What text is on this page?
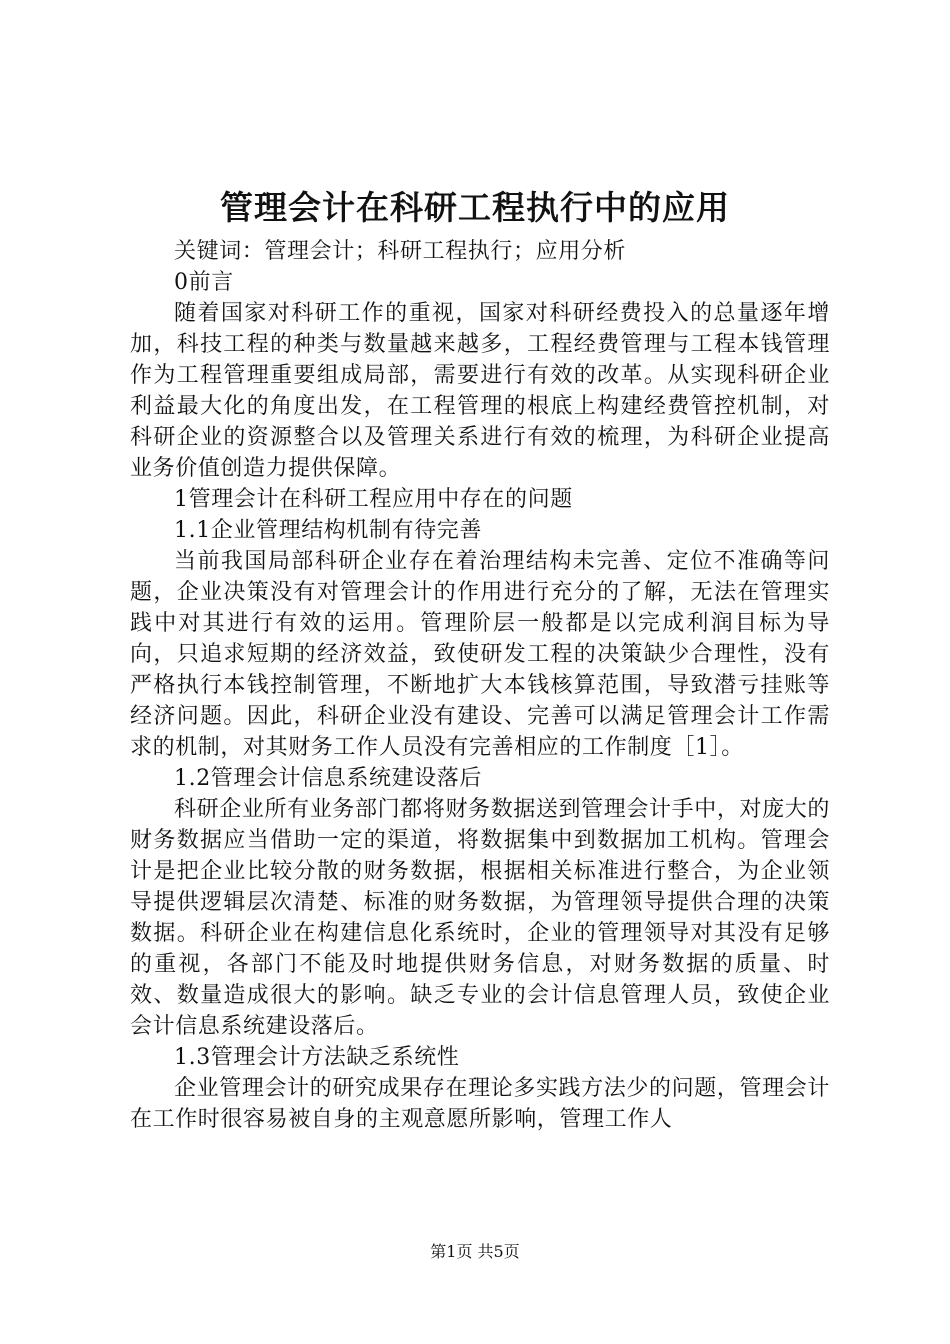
管理会计在科研工程执行中的应用

关键词：管理会计；科研工程执行；应用分析

0前言

随着国家对科研工作的重视，国家对科研经费投入的总量逐年增加，科技工程的种类与数量越来越多，工程经费管理与工程本钱管理作为工程管理重要组成局部，需要进行有效的改革。从实现科研企业利益最大化的角度出发，在工程管理的根底上构建经费管控机制，对科研企业的资源整合以及管理关系进行有效的梳理，为科研企业提高业务价值创造力提供保障。

1管理会计在科研工程应用中存在的问题

1.1企业管理结构机制有待完善

当前我国局部科研企业存在着治理结构未完善、定位不准确等问题，企业决策没有对管理会计的作用进行充分的了解，无法在管理实践中对其进行有效的运用。管理阶层一般都是以完成利润目标为导向，只追求短期的经济效益，致使研发工程的决策缺少合理性，没有严格执行本钱控制管理，不断地扩大本钱核算范围，导致潜亏挂账等经济问题。因此，科研企业没有建设、完善可以满足管理会计工作需求的机制，对其财务工作人员没有完善相应的工作制度［1］。

1.2管理会计信息系统建设落后

科研企业所有业务部门都将财务数据送到管理会计手中，对庞大的财务数据应当借助一定的渠道，将数据集中到数据加工机构。管理会计是把企业比较分散的财务数据，根据相关标准进行整合，为企业领导提供逻辑层次清楚、标准的财务数据，为管理领导提供合理的决策数据。科研企业在构建信息化系统时，企业的管理领导对其没有足够的重视，各部门不能及时地提供财务信息，对财务数据的质量、时效、数量造成很大的影响。缺乏专业的会计信息管理人员，致使企业会计信息系统建设落后。

1.3管理会计方法缺乏系统性

企业管理会计的研究成果存在理论多实践方法少的问题，管理会计在工作时很容易被自身的主观意愿所影响，管理工作人

第1页 共5页
